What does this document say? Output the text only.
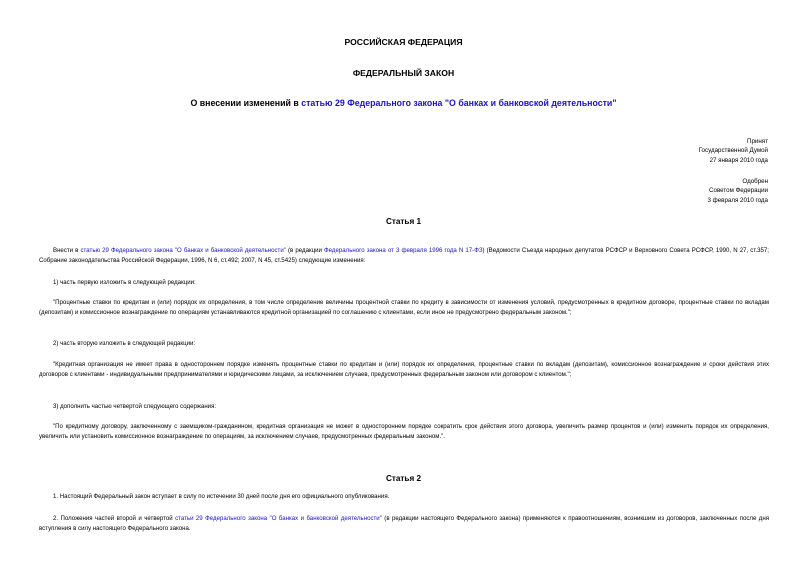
РОССИЙСКАЯ ФЕДЕРАЦИЯ
ФЕДЕРАЛЬНЫЙ ЗАКОН
О внесении изменений в статью 29 Федерального закона "О банках и банковской деятельности"
Принят
Государственной Думой
27 января 2010 года
Одобрен
Советом Федерации
3 февраля 2010 года
Статья 1
Внести в статью 29 Федерального закона "О банках и банковской деятельности" (в редакции Федерального закона от 3 февраля 1996 года N 17-ФЗ) (Ведомости Съезда народных депутатов РСФСР и Верховного Совета РСФСР, 1990, N 27, ст.357; Собрание законодательства Российской Федерации, 1996, N 6, ст.492; 2007, N 45, ст.5425) следующие изменения:
1) часть первую изложить в следующей редакции:
"Процентные ставки по кредитам и (или) порядок их определения, в том числе определение величины процентной ставки по кредиту в зависимости от изменения условий, предусмотренных в кредитном договоре, процентные ставки по вкладам (депозитам) и комиссионное вознаграждение по операциям устанавливаются кредитной организацией по соглашению с клиентами, если иное не предусмотрено федеральным законом.";
2) часть вторую изложить в следующей редакции:
"Кредитная организация не имеет права в одностороннем порядке изменять процентные ставки по кредитам и (или) порядок их определения, процентные ставки по вкладам (депозитам), комиссионное вознаграждение и сроки действия этих договоров с клиентами - индивидуальными предпринимателями и юридическими лицами, за исключением случаев, предусмотренных федеральным законом или договором с клиентом.";
3) дополнить частью четвертой следующего содержания:
"По кредитному договору, заключенному с заемщиком-гражданином, кредитная организация не может в одностороннем порядке сократить срок действия этого договора, увеличить размер процентов и (или) изменить порядок их определения, увеличить или установить комиссионное вознаграждение по операциям, за исключением случаев, предусмотренных федеральным законом.".
Статья 2
1. Настоящий Федеральный закон вступает в силу по истечении 30 дней после дня его официального опубликования.
2. Положения частей второй и четвертой статьи 29 Федерального закона "О банках и банковской деятельности" (в редакции настоящего Федерального закона) применяются к правоотношениям, возникшим из договоров, заключенных после дня вступления в силу настоящего Федерального закона.
